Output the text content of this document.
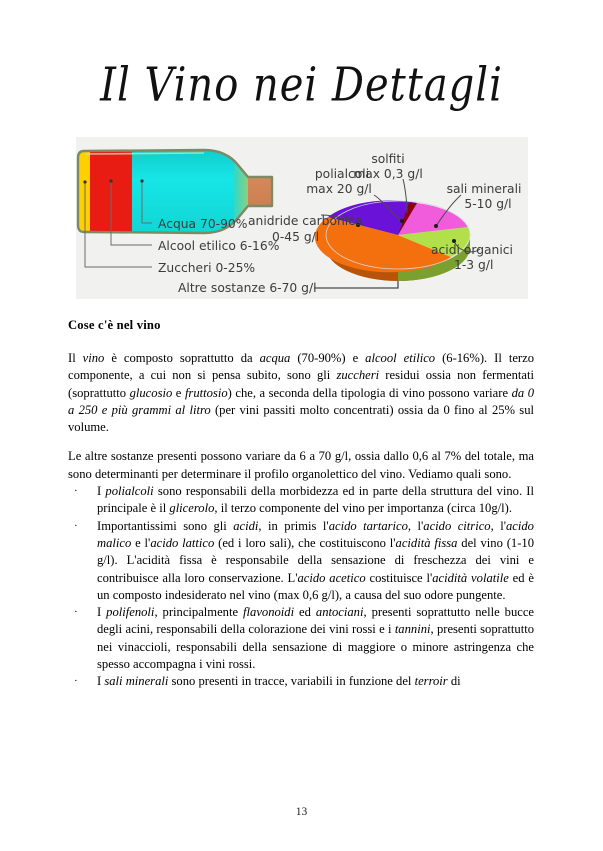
Il Vino nei Dettagli
Acqua 70-90%
Alcool etilico 6-16%
Zuccheri 0-25%
Altre sostanze 6-70 g/l
solfiti
max 0,3 g/l
polialcoli
max 20 g/l	sali minerali
5-10 g/l
anidride carbonica
0-45 g/l
acidi organici
1-3 g/l
Cose c'è nel vino

Il vino è composto soprattutto da acqua (70-90%) e alcool etilico (6-16%). Il terzo componente, a cui non si pensa subito, sono gli zuccheri residui ossia non fermentati (soprattutto glucosio e fruttosio) che, a seconda della tipologia di vino possono variare da 0 a 250 e più grammi al litro (per vini passiti molto concentrati) ossia da 0 fino al 25% sul volume.

Le altre sostanze presenti possono variare da 6 a 70 g/l, ossia dallo 0,6 al 7% del totale, ma sono determinanti per determinare il profilo organolettico del vino. Vediamo quali sono.

· I polialcoli sono responsabili della morbidezza ed in parte della struttura del vino. Il principale è il glicerolo, il terzo componente del vino per importanza (circa 10g/l).
· Importantissimi sono gli acidi, in primis l'acido tartarico, l'acido citrico, l'acido malico e l'acido lattico (ed i loro sali), che costituiscono l'acidità fissa del vino (1-10 g/l). L'acidità fissa è responsabile della sensazione di freschezza dei vini e contribuisce alla loro conservazione. L'acido acetico costituisce l'acidità volatile ed è un composto indesiderato nel vino (max 0,6 g/l), a causa del suo odore pungente.
· I polifenoli, principalmente flavonoidi ed antociani, presenti soprattutto nelle bucce degli acini, responsabili della colorazione dei vini rossi e i tannini, presenti soprattutto nei vinaccioli, responsabili della sensazione di maggiore o minore astringenza che spesso accompagna i vini rossi.
· I sali minerali sono presenti in tracce, variabili in funzione del terroir di
13
